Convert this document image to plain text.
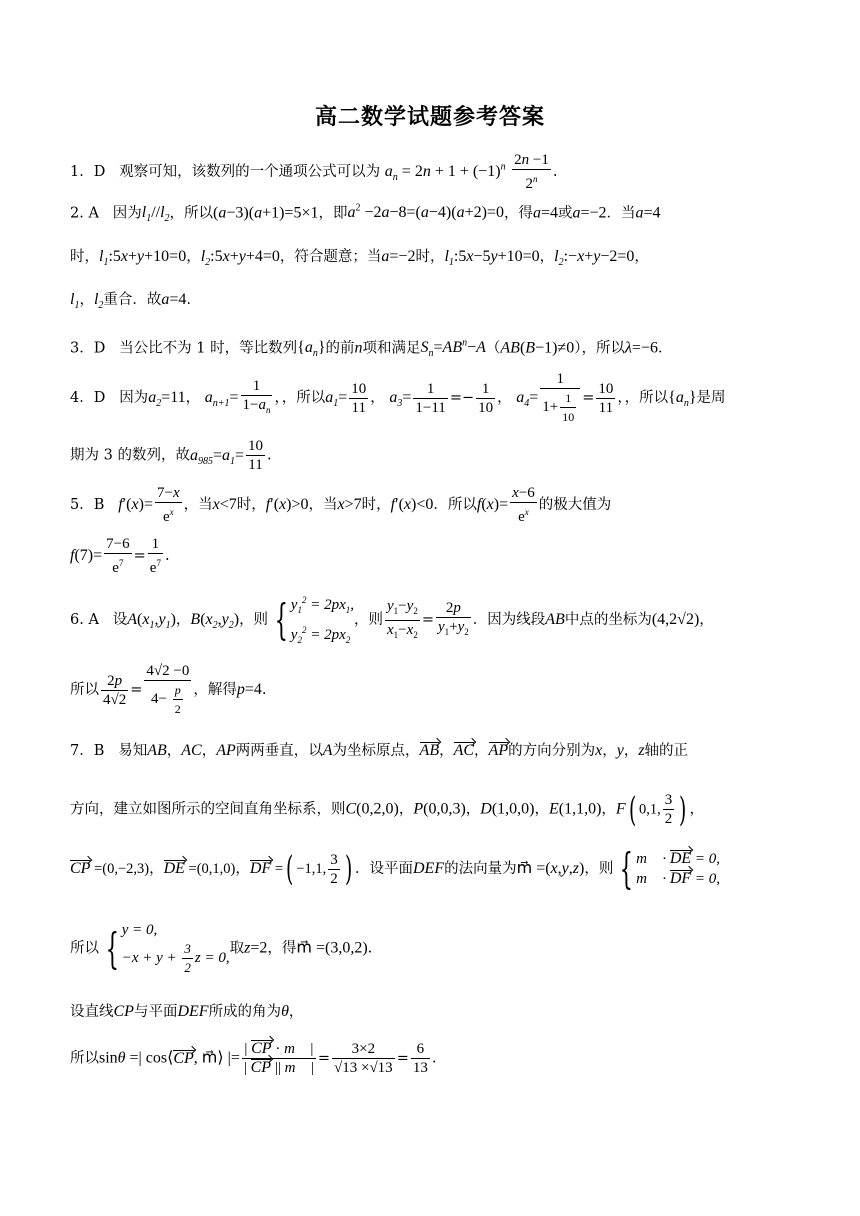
高二数学试题参考答案
1．D 观察可知，该数列的一个通项公式可以为 $a_n = 2n + 1 + (-1)^n \frac{2n -1}{2^n}$ .
2. A 因为$l_1//l_2$，所以(a−3)(a+1)=5×1，即$a^2 -2a-8=(a-4)(a+2)=0$，得a=4或a=−2．当a=4
时，$l_1:5x+y+10=0$，$l_2:5x+y+4=0$，符合题意；当a=−2时，$l_1:5x-5y+10=0$，$l_2:-x+y-2=0$，
$l_1$，$l_2$重合．故a=4．
3．D 当公比不为 1 时，等比数列$\{a_n\}$的前n项和满足$S_n=AB^n-A(AB(B-1)\ne 0)$，所以λ=−6．
4．D 因为$a_2=11$， $a_{n+1}= \frac{1}{1-a_n}$ ，，所以$a_1= \frac{10}{11}$ ， $a_3= \frac{1}{1-11} =- \frac{1}{10}$ ， $a_4= \frac{1}{1+ \frac{1}{10}} = \frac{10}{11}$ ，，所以$\{a_n\}$是周
期为 3 的数列，故$a_{985}=a_1= \frac{10}{11}$ .
5．B $f'(x)= \frac{7-x}{e^x}$ ，当x<7时，f′(x)>0，当x>7时，f′(x)<0．所以$f(x)= \frac{x-6}{e^x}$ 的极大值为
$f(7)= \frac{7-6}{e^7} = \frac{1}{e^7}$ .
6. A 设$A(x_1,y_1)$，$B(x_2,y_2)$，则 { $y_1^2 = 2px_1$,
$y_2^2 = 2px_2$，则 $\frac{y_1-y_2}{x_1-x_2} = \frac{2p}{y_1+y_2}$ ．因为线段AB中点的坐标为(4,2√2)，
所以 $\frac{2p}{4√2} = \frac{4√2 -0}{4- \frac{p}{2}}$ ，解得p=4.
7．B 易知AB，AC，AP两两垂直，以A为坐标原点，AB，AC，AP的方向分别为x，y，z轴的正
方向，建立如图所示的空间直角坐标系，则C(0,2,0)，P(0,0,3)，D(1,0,0)，E(1,1,0)，F( 0,1, $\frac{3}{2}$ ) ，
CP =(0,−2,3)，DE =(0,1,0)，DF =( −1,1, $\frac{3}{2}$ ) ．设平面DEF的法向量为m⃗ =(x,y,z)，则 { m⃗ · DE = 0,
m⃗ · DF = 0,
所以 { y = 0,
$-x + y + \frac{3}{2}$ z = 0,取z=2，得m⃗ =(3,0,2).
设直线CP与平面DEF所成的角为θ，
所以sinθ =| cos⟨CP, m⃗⟩ |= $\frac{| CP \cdot m⃗ |}{| CP || m⃗ |} = \frac{3\times 2}{√13 \times√13} = \frac{6}{13}$ .
